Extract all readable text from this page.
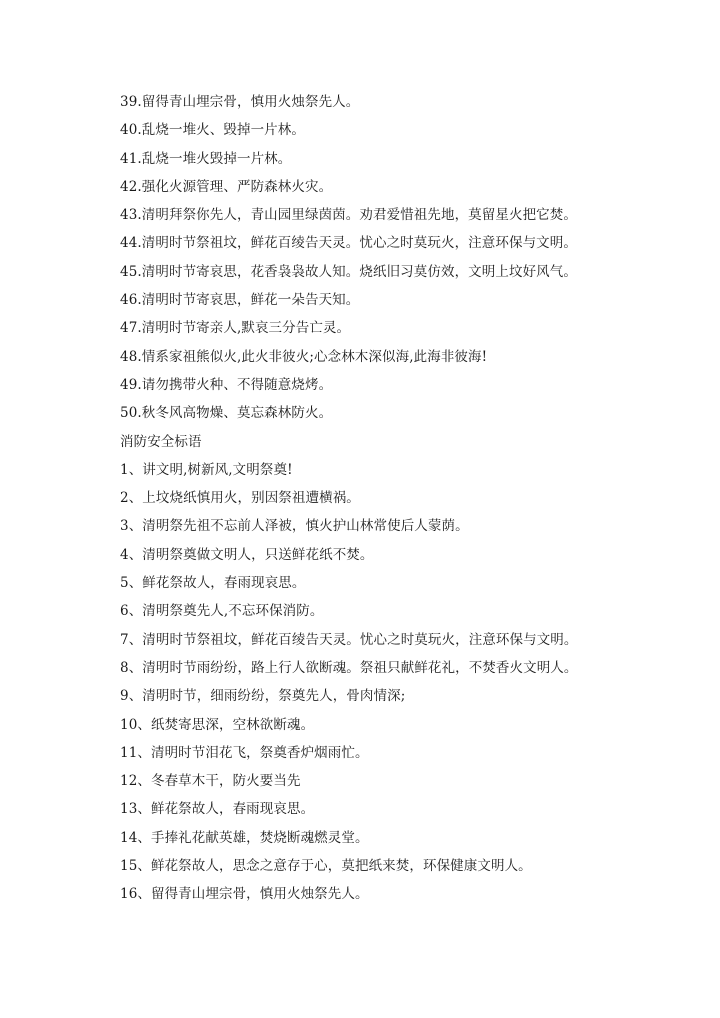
39.留得青山埋宗骨，慎用火烛祭先人。
40.乱烧一堆火、毁掉一片林。
41.乱烧一堆火毁掉一片林。
42.强化火源管理、严防森林火灾。
43.清明拜祭你先人，青山园里绿茵茵。劝君爱惜祖先地，莫留星火把它焚。
44.清明时节祭祖坟，鲜花百绫告天灵。忧心之时莫玩火，注意环保与文明。
45.清明时节寄哀思，花香袅袅故人知。烧纸旧习莫仿效，文明上坟好风气。
46.清明时节寄哀思，鲜花一朵告天知。
47.清明时节寄亲人,默哀三分告亡灵。
48.情系家祖熊似火,此火非彼火;心念林木深似海,此海非彼海!
49.请勿携带火种、不得随意烧烤。
50.秋冬风高物燥、莫忘森林防火。
消防安全标语
1、讲文明,树新风,文明祭奠!
2、上坟烧纸慎用火，别因祭祖遭横祸。
3、清明祭先祖不忘前人泽被，慎火护山林常使后人蒙荫。
4、清明祭奠做文明人，只送鲜花纸不焚。
5、鲜花祭故人，春雨现哀思。
6、清明祭奠先人,不忘环保消防。
7、清明时节祭祖坟，鲜花百绫告天灵。忧心之时莫玩火，注意环保与文明。
8、清明时节雨纷纷，路上行人欲断魂。祭祖只献鲜花礼，不焚香火文明人。
9、清明时节，细雨纷纷，祭奠先人，骨肉情深;
10、纸焚寄思深，空林欲断魂。
11、清明时节泪花飞，祭奠香炉烟雨忙。
12、冬春草木干，防火要当先
13、鲜花祭故人，春雨现哀思。
14、手捧礼花献英雄，焚烧断魂燃灵堂。
15、鲜花祭故人，思念之意存于心，莫把纸来焚，环保健康文明人。
16、留得青山埋宗骨，慎用火烛祭先人。
